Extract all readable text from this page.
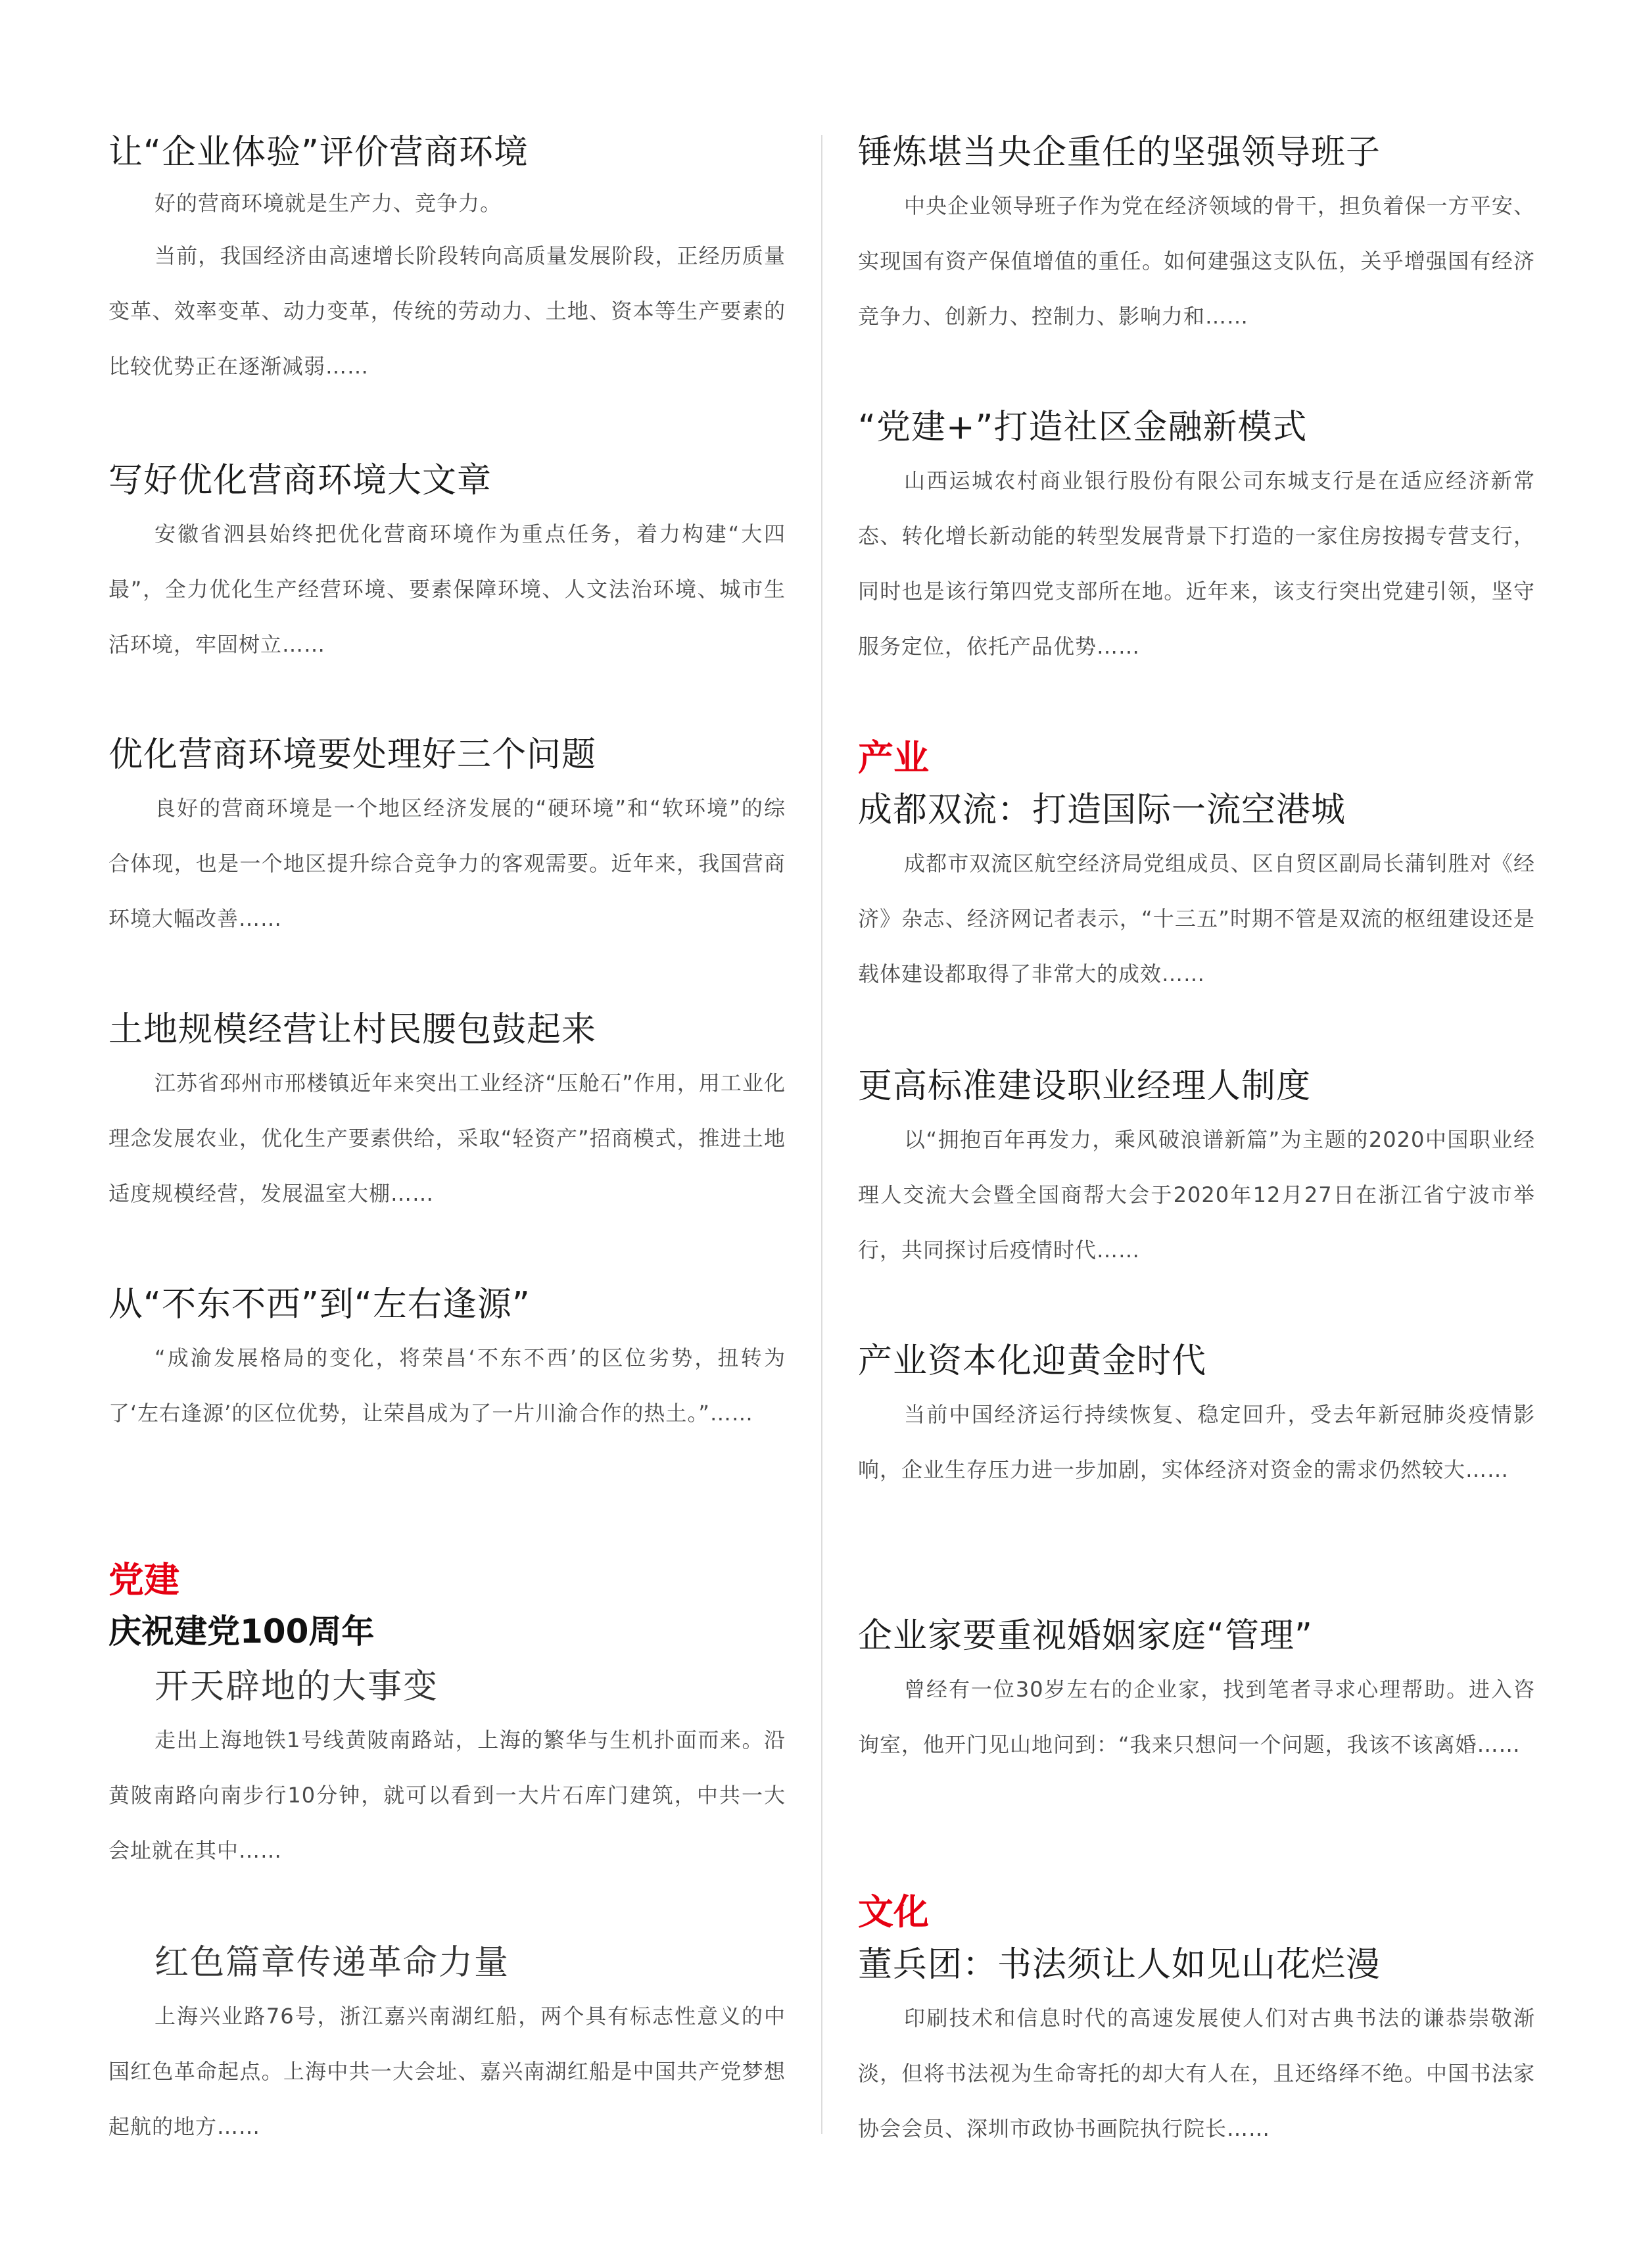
让“企业体验”评价营商环境
好的营商环境就是生产力、竞争力。
当前，我国经济由高速增长阶段转向高质量发展阶段，正经历质量变革、效率变革、动力变革，传统的劳动力、土地、资本等生产要素的比较优势正在逐渐减弱……
写好优化营商环境大文章
安徽省泗县始终把优化营商环境作为重点任务，着力构建“大四最”，全力优化生产经营环境、要素保障环境、人文法治环境、城市生活环境，牢固树立……
优化营商环境要处理好三个问题
良好的营商环境是一个地区经济发展的“硬环境”和“软环境”的综合体现，也是一个地区提升综合竞争力的客观需要。近年来，我国营商环境大幅改善……
土地规模经营让村民腰包鼓起来
江苏省邳州市邢楼镇近年来突出工业经济“压舱石”作用，用工业化理念发展农业，优化生产要素供给，采取“轻资产”招商模式，推进土地适度规模经营，发展温室大棚……
从“不东不西”到“左右逢源”
“成渝发展格局的变化，将荣昌‘不东不西’的区位劣势，扭转为了‘左右逢源’的区位优势，让荣昌成为了一片川渝合作的热土。”……
党建
庆祝建党100周年
开天辟地的大事变
走出上海地铁1号线黄陂南路站，上海的繁华与生机扑面而来。沿黄陂南路向南步行10分钟，就可以看到一大片石库门建筑，中共一大会址就在其中……
红色篇章传递革命力量
上海兴业路76号，浙江嘉兴南湖红船，两个具有标志性意义的中国红色革命起点。上海中共一大会址、嘉兴南湖红船是中国共产党梦想起航的地方……
锤炼堪当央企重任的坚强领导班子
中央企业领导班子作为党在经济领域的骨干，担负着保一方平安、实现国有资产保值增值的重任。如何建强这支队伍，关乎增强国有经济竞争力、创新力、控制力、影响力和……
“党建+”打造社区金融新模式
山西运城农村商业银行股份有限公司东城支行是在适应经济新常态、转化增长新动能的转型发展背景下打造的一家住房按揭专营支行，同时也是该行第四党支部所在地。近年来，该支行突出党建引领，坚守服务定位，依托产品优势……
产业
成都双流：打造国际一流空港城
成都市双流区航空经济局党组成员、区自贸区副局长蒲钊胜对《经济》杂志、经济网记者表示，“十三五”时期不管是双流的枢纽建设还是载体建设都取得了非常大的成效……
更高标准建设职业经理人制度
以“拥抱百年再发力，乘风破浪谱新篇”为主题的2020中国职业经理人交流大会暨全国商帮大会于2020年12月27日在浙江省宁波市举行，共同探讨后疫情时代……
产业资本化迎黄金时代
当前中国经济运行持续恢复、稳定回升，受去年新冠肺炎疫情影响，企业生存压力进一步加剧，实体经济对资金的需求仍然较大……
企业家要重视婚姻家庭“管理”
曾经有一位30岁左右的企业家，找到笔者寻求心理帮助。进入咨询室，他开门见山地问到：“我来只想问一个问题，我该不该离婚……
文化
董兵团：书法须让人如见山花烂漫
印刷技术和信息时代的高速发展使人们对古典书法的谦恭崇敬渐淡，但将书法视为生命寄托的却大有人在，且还络绎不绝。中国书法家协会会员、深圳市政协书画院执行院长……
